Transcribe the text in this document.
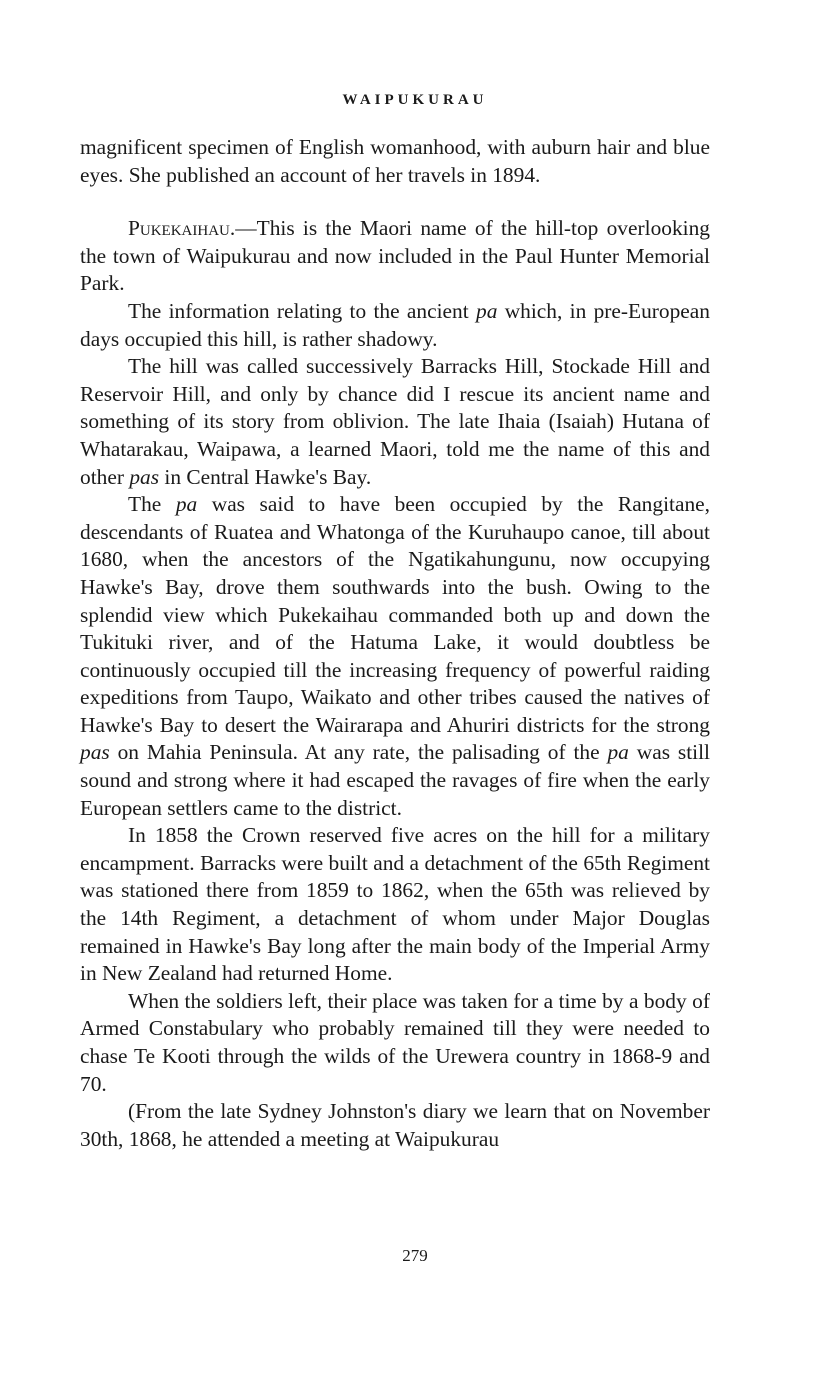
WAIPUKURAU

magnificent specimen of English womanhood, with auburn hair and blue eyes. She published an account of her travels in 1894.

Pukekaihau.—This is the Maori name of the hill-top overlooking the town of Waipukurau and now included in the Paul Hunter Memorial Park.

The information relating to the ancient pa which, in pre-European days occupied this hill, is rather shadowy.

The hill was called successively Barracks Hill, Stockade Hill and Reservoir Hill, and only by chance did I rescue its ancient name and something of its story from oblivion. The late Ihaia (Isaiah) Hutana of Whatarakau, Waipawa, a learned Maori, told me the name of this and other pas in Central Hawke's Bay.

The pa was said to have been occupied by the Rangitane, descendants of Ruatea and Whatonga of the Kuruhaupo canoe, till about 1680, when the ancestors of the Ngatikahungunu, now occupying Hawke's Bay, drove them southwards into the bush. Owing to the splendid view which Pukekaihau commanded both up and down the Tukituki river, and of the Hatuma Lake, it would doubtless be continuously occupied till the increasing frequency of powerful raiding expeditions from Taupo, Waikato and other tribes caused the natives of Hawke's Bay to desert the Wairarapa and Ahuriri districts for the strong pas on Mahia Peninsula. At any rate, the palisading of the pa was still sound and strong where it had escaped the ravages of fire when the early European settlers came to the district.

In 1858 the Crown reserved five acres on the hill for a military encampment. Barracks were built and a detachment of the 65th Regiment was stationed there from 1859 to 1862, when the 65th was relieved by the 14th Regiment, a detachment of whom under Major Douglas remained in Hawke's Bay long after the main body of the Imperial Army in New Zealand had returned Home.

When the soldiers left, their place was taken for a time by a body of Armed Constabulary who probably remained till they were needed to chase Te Kooti through the wilds of the Urewera country in 1868-9 and 70.

(From the late Sydney Johnston's diary we learn that on November 30th, 1868, he attended a meeting at Waipukurau

279
